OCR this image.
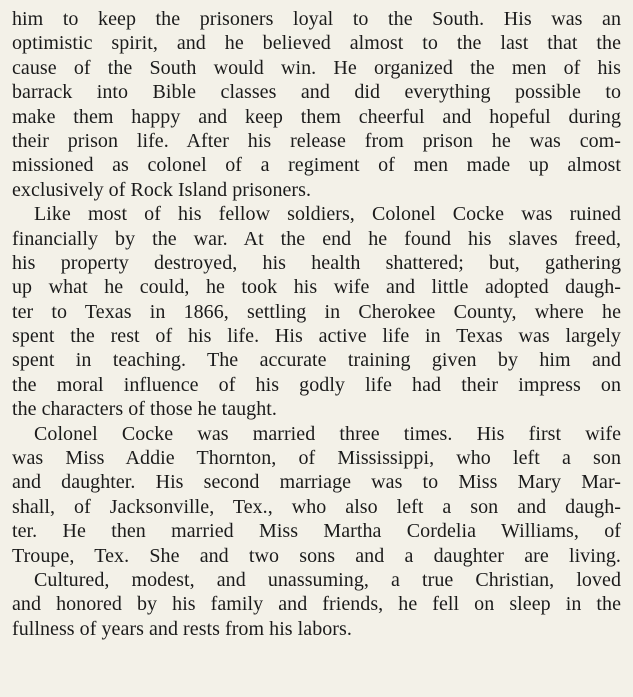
him to keep the prisoners loyal to the South. His was an
optimistic spirit, and he believed almost to the last that the
cause of the South would win. He organized the men of his
barrack into Bible classes and did everything possible to
make them happy and keep them cheerful and hopeful during
their prison life. After his release from prison he was com-
missioned as colonel of a regiment of men made up almost
exclusively of Rock Island prisoners.
Like most of his fellow soldiers, Colonel Cocke was ruined
financially by the war. At the end he found his slaves freed,
his property destroyed, his health shattered; but, gathering
up what he could, he took his wife and little adopted daugh-
ter to Texas in 1866, settling in Cherokee County, where he
spent the rest of his life. His active life in Texas was largely
spent in teaching. The accurate training given by him and
the moral influence of his godly life had their impress on
the characters of those he taught.
Colonel Cocke was married three times. His first wife
was Miss Addie Thornton, of Mississippi, who left a son
and daughter. His second marriage was to Miss Mary Mar-
shall, of Jacksonville, Tex., who also left a son and daugh-
ter. He then married Miss Martha Cordelia Williams, of
Troupe, Tex. She and two sons and a daughter are living.
Cultured, modest, and unassuming, a true Christian, loved
and honored by his family and friends, he fell on sleep in the
fullness of years and rests from his labors.
